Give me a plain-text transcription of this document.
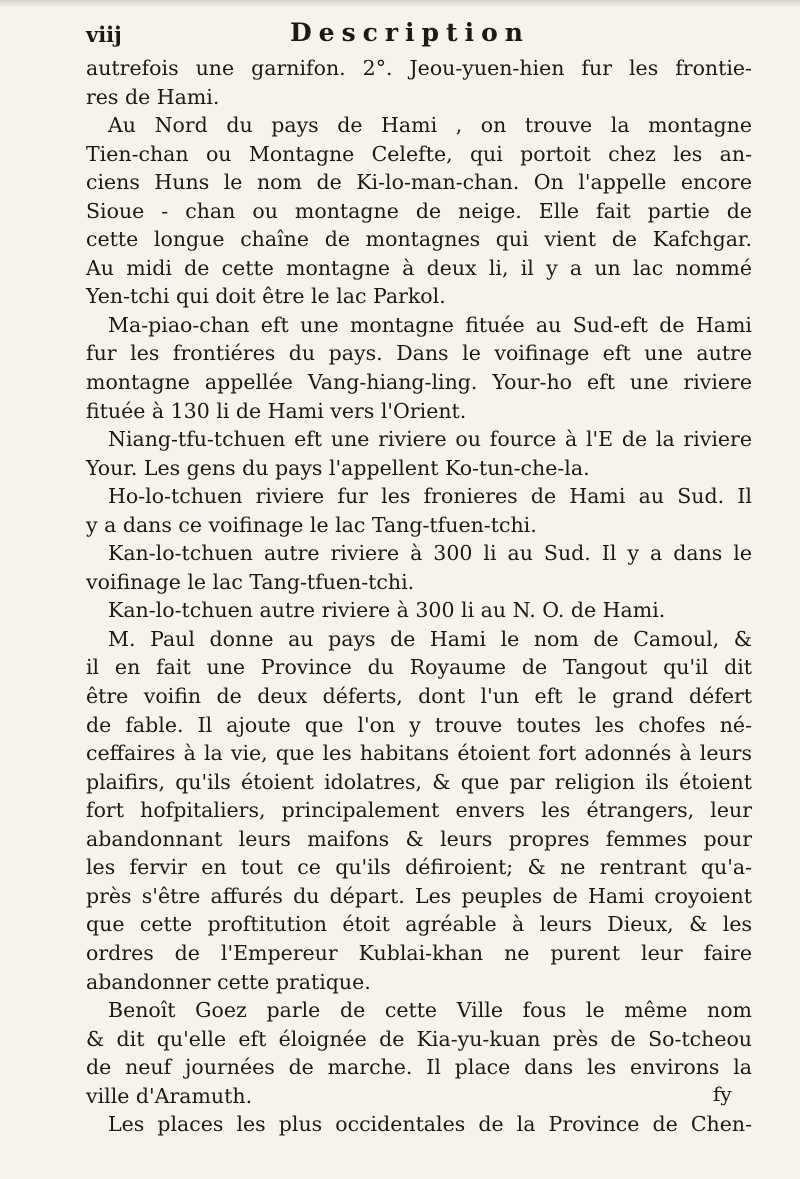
viij	Description
autrefois une garnifon. 2°. Jeou-yuen-hien fur les frontie-
res de Hami.
Au Nord du pays de Hami , on trouve la montagne
Tien-chan ou Montagne Celefte, qui portoit chez les an-
ciens Huns le nom de Ki-lo-man-chan. On l'appelle encore
Sioue - chan ou montagne de neige. Elle fait partie de
cette longue chaîne de montagnes qui vient de Kafchgar.
Au midi de cette montagne à deux li, il y a un lac nommé
Yen-tchi qui doit être le lac Parkol.
Ma-piao-chan eft une montagne fituée au Sud-eft de Hami
fur les frontiéres du pays. Dans le voifinage eft une autre
montagne appellée Vang-hiang-ling. Your-ho eft une riviere
fituée à 130 li de Hami vers l'Orient.
Niang-tfu-tchuen eft une riviere ou fource à l'E de la riviere
Your. Les gens du pays l'appellent Ko-tun-che-la.
Ho-lo-tchuen riviere fur les fronieres de Hami au Sud. Il
y a dans ce voifinage le lac Tang-tfuen-tchi.
Kan-lo-tchuen autre riviere à 300 li au Sud. Il y a dans le
voifinage le lac Tang-tfuen-tchi.
Kan-lo-tchuen autre riviere à 300 li au N. O. de Hami.
M. Paul donne au pays de Hami le nom de Camoul, &
il en fait une Province du Royaume de Tangout qu'il dit
être voifin de deux déferts, dont l'un eft le grand défert
de fable. Il ajoute que l'on y trouve toutes les chofes né-
ceffaires à la vie, que les habitans étoient fort adonnés à leurs
plaifirs, qu'ils étoient idolatres, & que par religion ils étoient
fort hofpitaliers, principalement envers les étrangers, leur
abandonnant leurs maifons & leurs propres femmes pour
les fervir en tout ce qu'ils défiroient; & ne rentrant qu'a-
près s'être affurés du départ. Les peuples de Hami croyoient
que cette proftitution étoit agréable à leurs Dieux, & les
ordres de l'Empereur Kublai-khan ne purent leur faire
abandonner cette pratique.
Benoît Goez parle de cette Ville fous le même nom
& dit qu'elle eft éloignée de Kia-yu-kuan près de So-tcheou
de neuf journées de marche. Il place dans les environs la
ville d'Aramuth.
Les places les plus occidentales de la Province de Chen-
fy
